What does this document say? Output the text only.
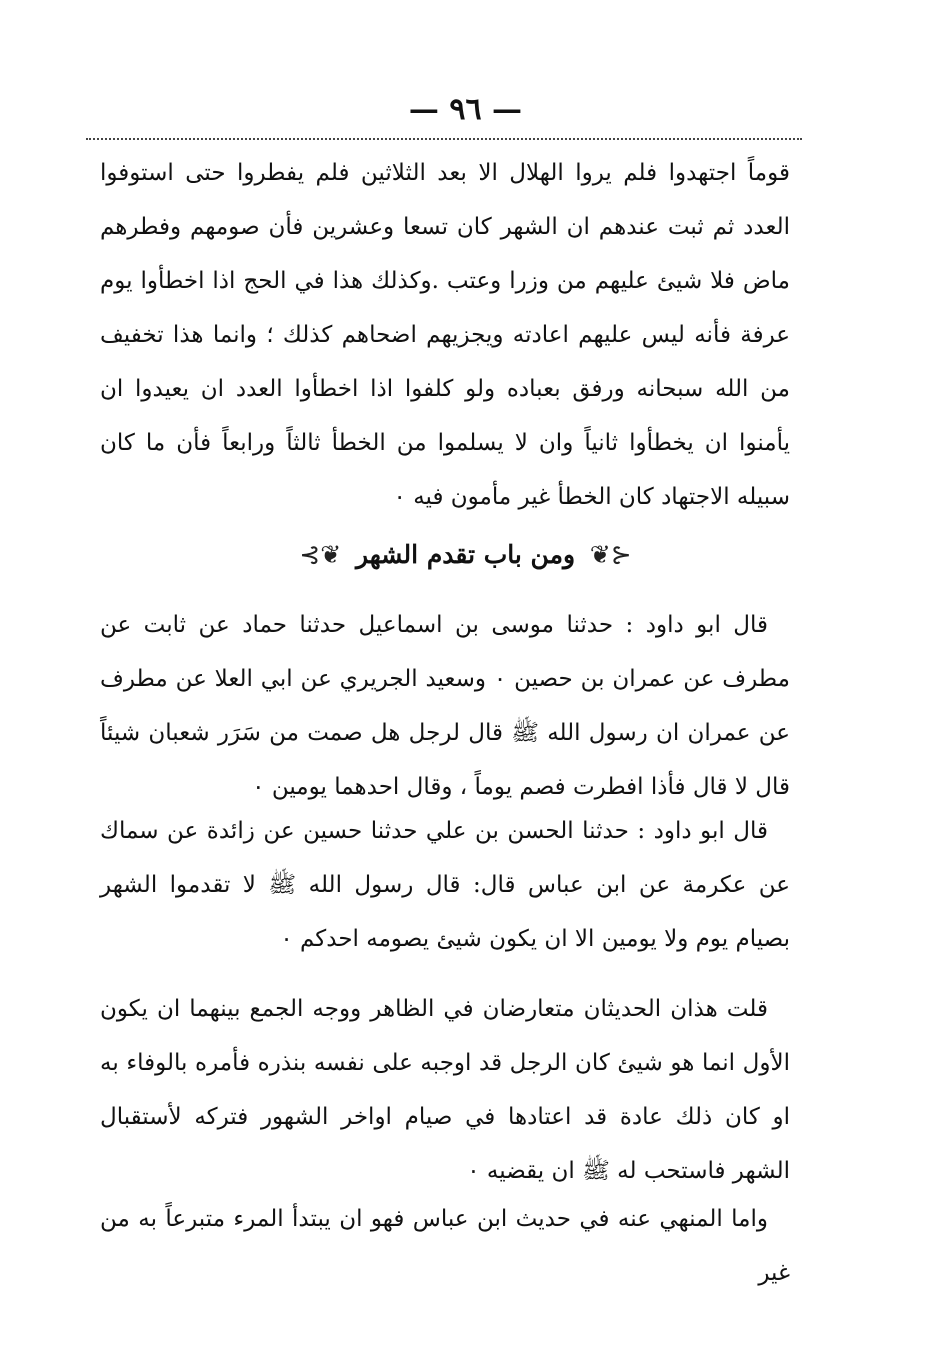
— ٩٦ —
قوماً اجتهدوا فلم يروا الهلال الا بعد الثلاثين فلم يفطروا حتى استوفوا العدد ثم ثبت عندهم ان الشهر كان تسعا وعشرين فأن صومهم وفطرهم ماض فلا شيئ عليهم من وزرا وعتب .وكذلك هذا في الحج اذا اخطأوا يوم عرفة فأنه ليس عليهم اعادته ويجزيهم اضحاهم كذلك ؛ وانما هذا تخفيف من الله سبحانه ورفق بعباده ولو كلفوا اذا اخطأوا العدد ان يعيدوا ان يأمنوا ان يخطأوا ثانياً وان لا يسلموا من الخطأ ثالثاً ورابعاً فأن ما كان سبيله الاجتهاد كان الخطأ غير مأمون فيه ٠
⊰❦ ومن باب تقدم الشهر ❦⊱
قال ابو داود : حدثنا موسى بن اسماعيل حدثنا حماد عن ثابت عن مطرف عن عمران بن حصين ٠ وسعيد الجريري عن ابي العلا عن مطرف عن عمران ان رسول الله ﷺ قال لرجل هل صمت من سَرَر شعبان شيئاً قال لا قال فأذا افطرت فصم يوماً ، وقال احدهما يومين ٠
قال ابو داود : حدثنا الحسن بن علي حدثنا حسين عن زائدة عن سماك عن عكرمة عن ابن عباس قال: قال رسول الله ﷺ لا تقدموا الشهر بصيام يوم ولا يومين الا ان يكون شيئ يصومه احدكم ٠
قلت هذان الحديثان متعارضان في الظاهر ووجه الجمع بينهما ان يكون الأول انما هو شيئ كان الرجل قد اوجبه على نفسه بنذره فأمره بالوفاء به او كان ذلك عادة قد اعتادها في صيام اواخر الشهور فتركه لأستقبال الشهر فاستحب له ﷺ ان يقضيه ٠
واما المنهي عنه في حديث ابن عباس فهو ان يبتدأ المرء متبرعاً به من غير
